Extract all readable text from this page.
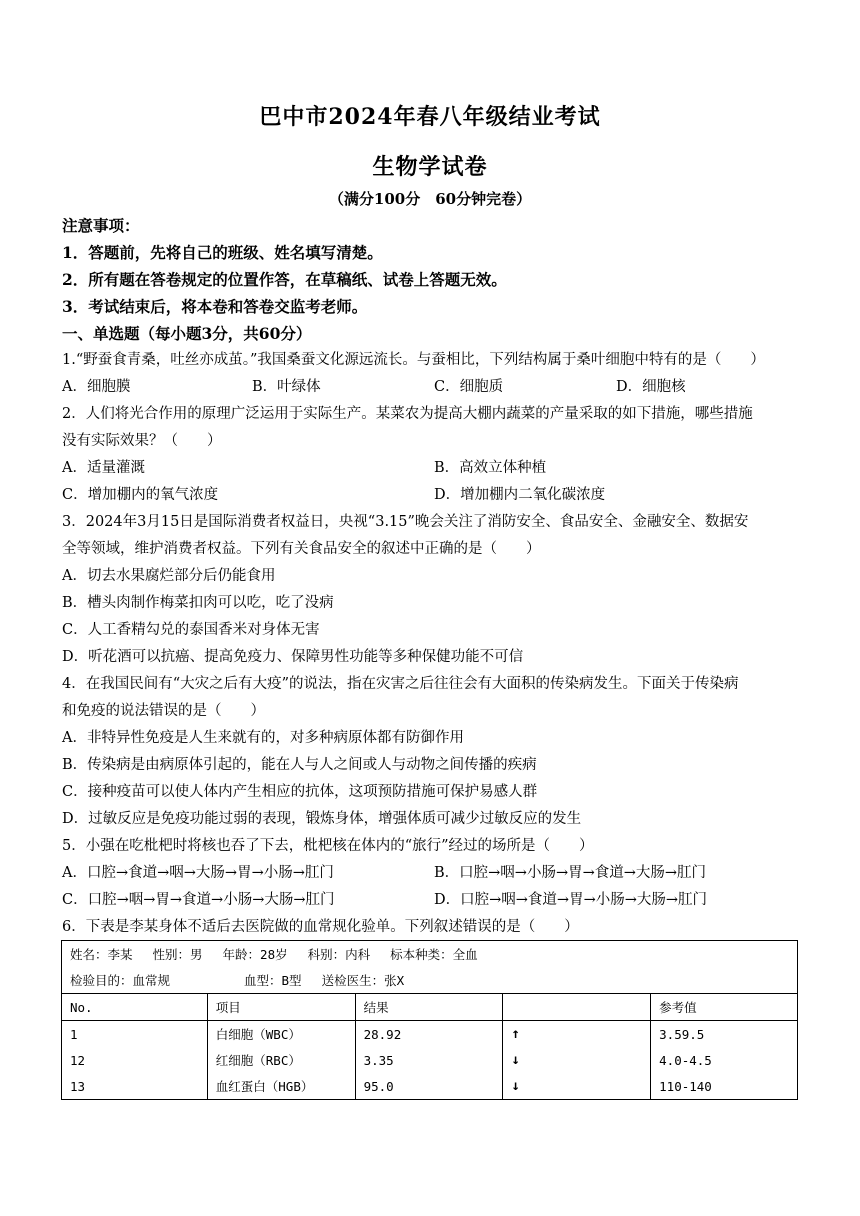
巴中市2024年春八年级结业考试
生物学试卷
（满分100分　60分钟完卷）
注意事项：
1．答题前，先将自己的班级、姓名填写清楚。
2．所有题在答卷规定的位置作答，在草稿纸、试卷上答题无效。
3．考试结束后，将本卷和答卷交监考老师。
一、单选题（每小题3分，共60分）
1.“野蚕食青桑，吐丝亦成茧。”我国桑蚕文化源远流长。与蚕相比，下列结构属于桑叶细胞中特有的是（　　）
A．细胞膜	B．叶绿体	C．细胞质	D．细胞核
2．人们将光合作用的原理广泛运用于实际生产。某菜农为提高大棚内蔬菜的产量采取的如下措施，哪些措施
没有实际效果？（　　）
A．适量灌溉	B．高效立体种植
C．增加棚内的氧气浓度	D．增加棚内二氧化碳浓度
3．2024年3月15日是国际消费者权益日，央视“3.15”晚会关注了消防安全、食品安全、金融安全、数据安
全等领域，维护消费者权益。下列有关食品安全的叙述中正确的是（　　）
A．切去水果腐烂部分后仍能食用
B．槽头肉制作梅菜扣肉可以吃，吃了没病
C．人工香精勾兑的泰国香米对身体无害
D．听花酒可以抗癌、提高免疫力、保障男性功能等多种保健功能不可信
4．在我国民间有“大灾之后有大疫”的说法，指在灾害之后往往会有大面积的传染病发生。下面关于传染病
和免疫的说法错误的是（　　）
A．非特异性免疫是人生来就有的，对多种病原体都有防御作用
B．传染病是由病原体引起的，能在人与人之间或人与动物之间传播的疾病
C．接种疫苗可以使人体内产生相应的抗体，这项预防措施可保护易感人群
D．过敏反应是免疫功能过弱的表现，锻炼身体，增强体质可减少过敏反应的发生
5．小强在吃枇杷时将核也吞了下去，枇杷核在体内的“旅行”经过的场所是（　　）
A．口腔→食道→咽→大肠→胃→小肠→肛门	B．口腔→咽→小肠→胃→食道→大肠→肛门
C．口腔→咽→胃→食道→小肠→大肠→肛门	D．口腔→咽→食道→胃→小肠→大肠→肛门
6．下表是李某身体不适后去医院做的血常规化验单。下列叙述错误的是（　　）
姓名：李某　 性别：男　 年龄：28岁　 科别：内科　 标本种类：全血				
检验目的：血常规 血型：B型　 送检医生：张X				
No.	项目	结果		参考值
1	白细胞（WBC）	28.92	↑	3.59.5
12	红细胞（RBC）	3.35	↓	4.0-4.5
13	血红蛋白（HGB）	95.0	↓	110-140
